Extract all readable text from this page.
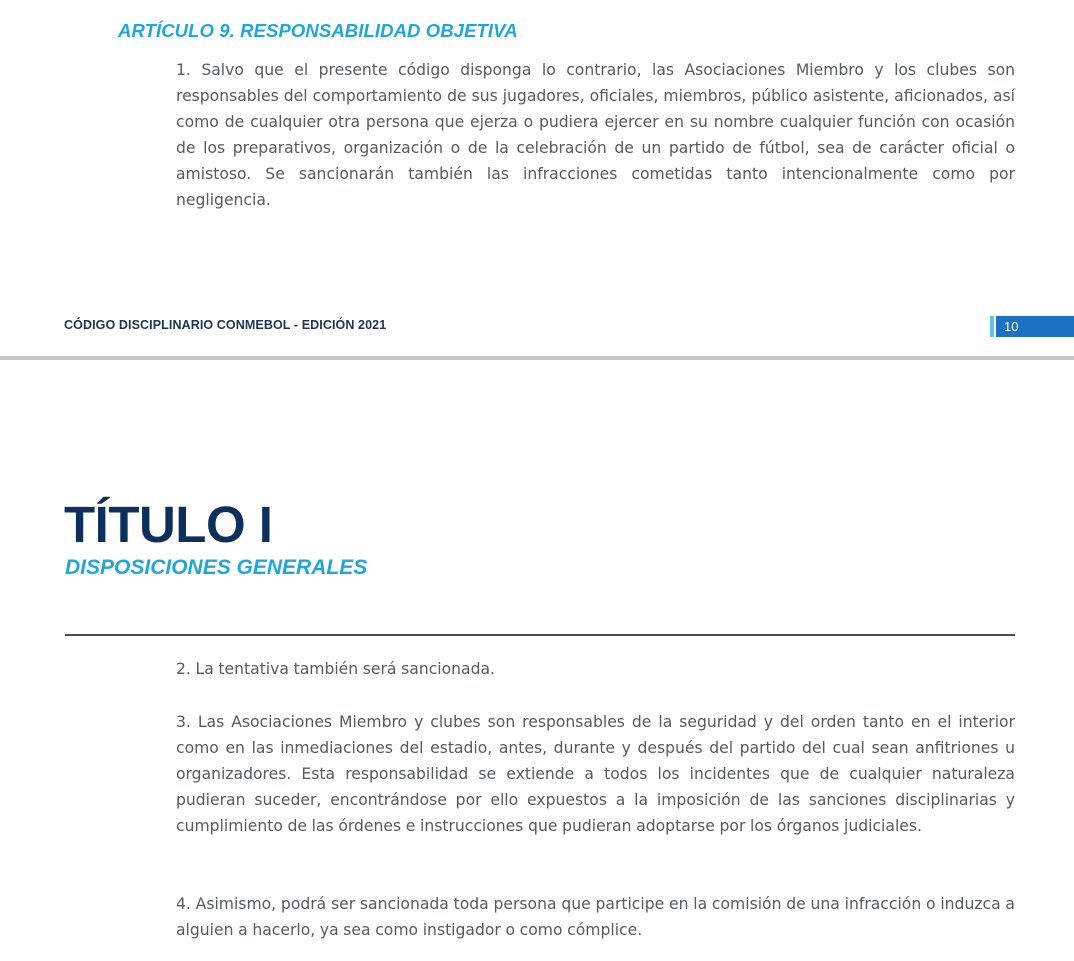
ARTÍCULO 9. RESPONSABILIDAD OBJETIVA

1. Salvo que el presente código disponga lo contrario, las Asociaciones Miembro y los clubes son responsables del comportamiento de sus jugadores, oficiales, miembros, público asistente, aficionados, así como de cualquier otra persona que ejerza o pudiera ejercer en su nombre cualquier función con ocasión de los preparativos, organización o de la celebración de un partido de fútbol, sea de carácter oficial o amistoso. Se sancionarán también las infracciones cometidas tanto intencionalmente como por negligencia.

CÓDIGO DISCIPLINARIO CONMEBOL - EDICIÓN 2021	10
TÍTULO I
DISPOSICIONES GENERALES

2. La tentativa también será sancionada.

3. Las Asociaciones Miembro y clubes son responsables de la seguridad y del orden tanto en el interior como en las inmediaciones del estadio, antes, durante y después del partido del cual sean anfitriones u organizadores. Esta responsabilidad se extiende a todos los incidentes que de cualquier naturaleza pudieran suceder, encontrándose por ello expuestos a la imposición de las sanciones disciplinarias y cumplimiento de las órdenes e instrucciones que pudieran adoptarse por los órganos judiciales.

4. Asimismo, podrá ser sancionada toda persona que participe en la comisión de una infracción o induzca a alguien a hacerlo, ya sea como instigador o como cómplice.
